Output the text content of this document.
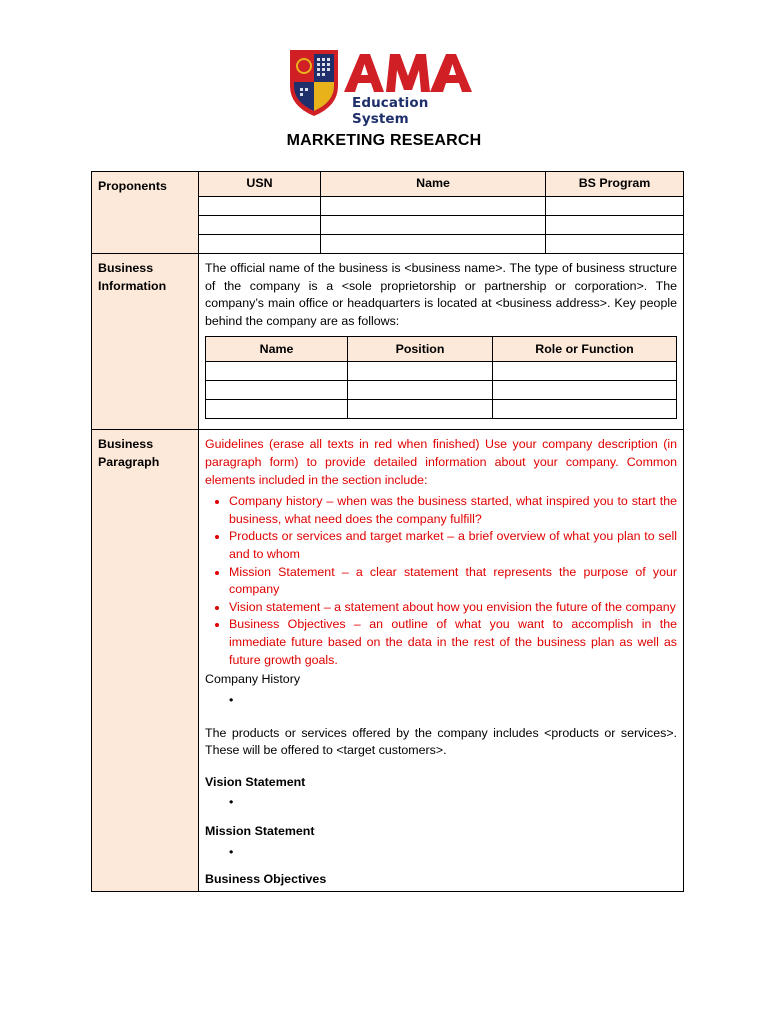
Education System
MARKETING RESEARCH
Proponents		USN	Name	BS Program

Business Information	
The official name of the business is <business name>. The type of business structure of the company is a <sole proprietorship or partnership or corporation>. The company’s main office or headquarters is located at <business address>. Key people behind the company are as follows:
Name	Position	Role or Function

Business Paragraph	
Guidelines (erase all texts in red when finished) Use your company description (in paragraph form) to provide detailed information about your company. Common elements included in the section include:
• Company history – when was the business started, what inspired you to start the business, what need does the company fulfill?
• Products or services and target market – a brief overview of what you plan to sell and to whom
• Mission Statement – a clear statement that represents the purpose of your company
• Vision statement – a statement about how you envision the future of the company
• Business Objectives – an outline of what you want to accomplish in the immediate future based on the data in the rest of the business plan as well as future growth goals.
Company History
•
The products or services offered by the company includes <products or services>. These will be offered to <target customers>.
Vision Statement
•
Mission Statement
•
Business Objectives
